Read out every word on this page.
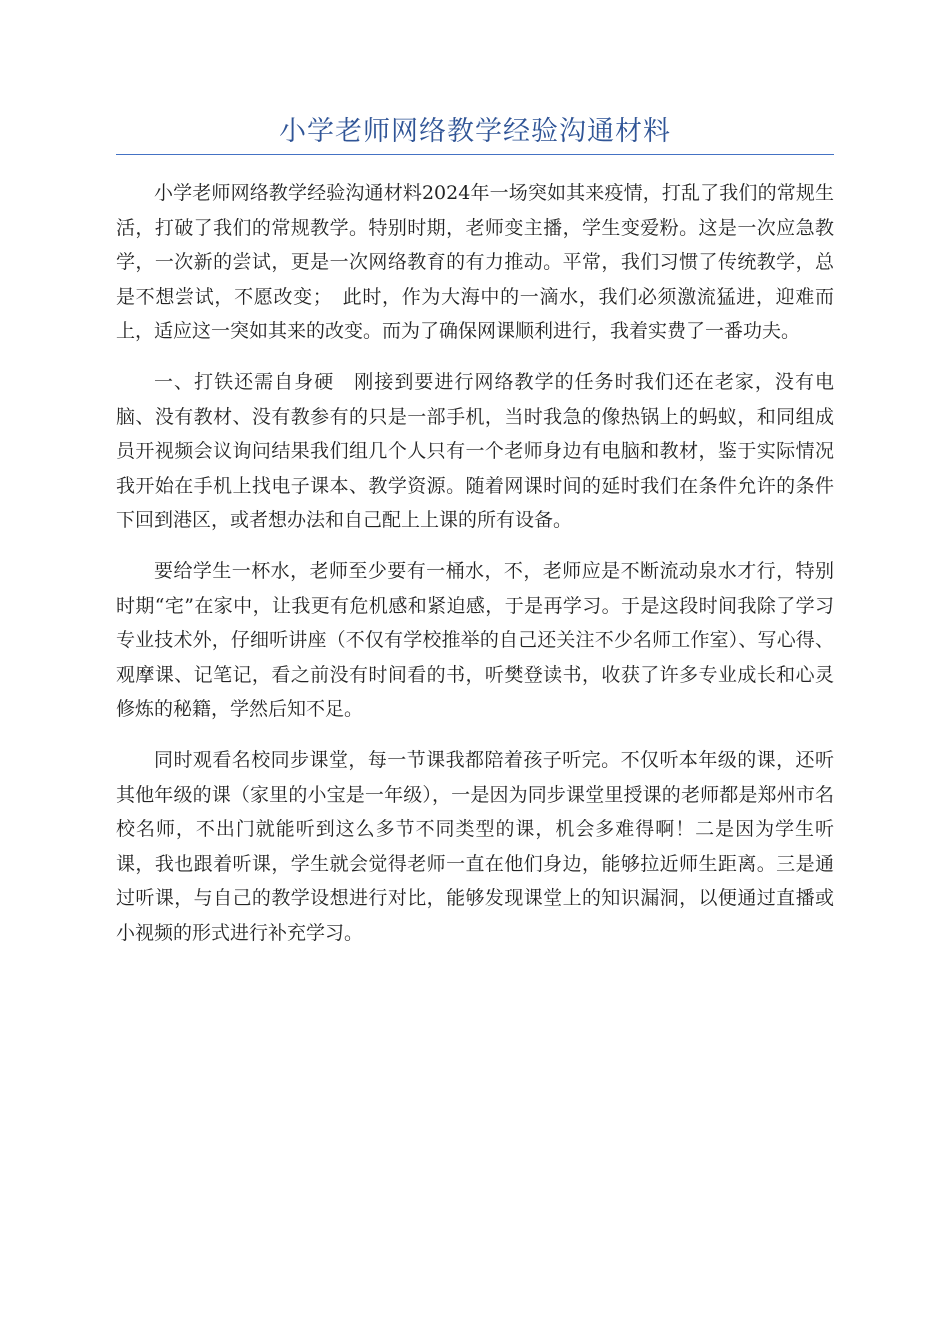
小学老师网络教学经验沟通材料

小学老师网络教学经验沟通材料2024年一场突如其来疫情，打乱了我们的常规生活，打破了我们的常规教学。特别时期，老师变主播，学生变爱粉。这是一次应急教学，一次新的尝试，更是一次网络教育的有力推动。平常，我们习惯了传统教学，总是不想尝试，不愿改变；　此时，作为大海中的一滴水，我们必须激流猛进，迎难而上，适应这一突如其来的改变。而为了确保网课顺利进行，我着实费了一番功夫。

一、打铁还需自身硬　刚接到要进行网络教学的任务时我们还在老家，没有电脑、没有教材、没有教参有的只是一部手机，当时我急的像热锅上的蚂蚁，和同组成员开视频会议询问结果我们组几个人只有一个老师身边有电脑和教材，鉴于实际情况我开始在手机上找电子课本、教学资源。随着网课时间的延时我们在条件允许的条件下回到港区，或者想办法和自己配上上课的所有设备。

要给学生一杯水，老师至少要有一桶水，不，老师应是不断流动泉水才行，特别时期“宅”在家中，让我更有危机感和紧迫感，于是再学习。于是这段时间我除了学习专业技术外，仔细听讲座（不仅有学校推举的自己还关注不少名师工作室）、写心得、观摩课、记笔记，看之前没有时间看的书，听樊登读书，收获了许多专业成长和心灵修炼的秘籍，学然后知不足。

同时观看名校同步课堂，每一节课我都陪着孩子听完。不仅听本年级的课，还听其他年级的课（家里的小宝是一年级），一是因为同步课堂里授课的老师都是郑州市名校名师，不出门就能听到这么多节不同类型的课，机会多难得啊！二是因为学生听课，我也跟着听课，学生就会觉得老师一直在他们身边，能够拉近师生距离。三是通过听课，与自己的教学设想进行对比，能够发现课堂上的知识漏洞，以便通过直播或小视频的形式进行补充学习。
